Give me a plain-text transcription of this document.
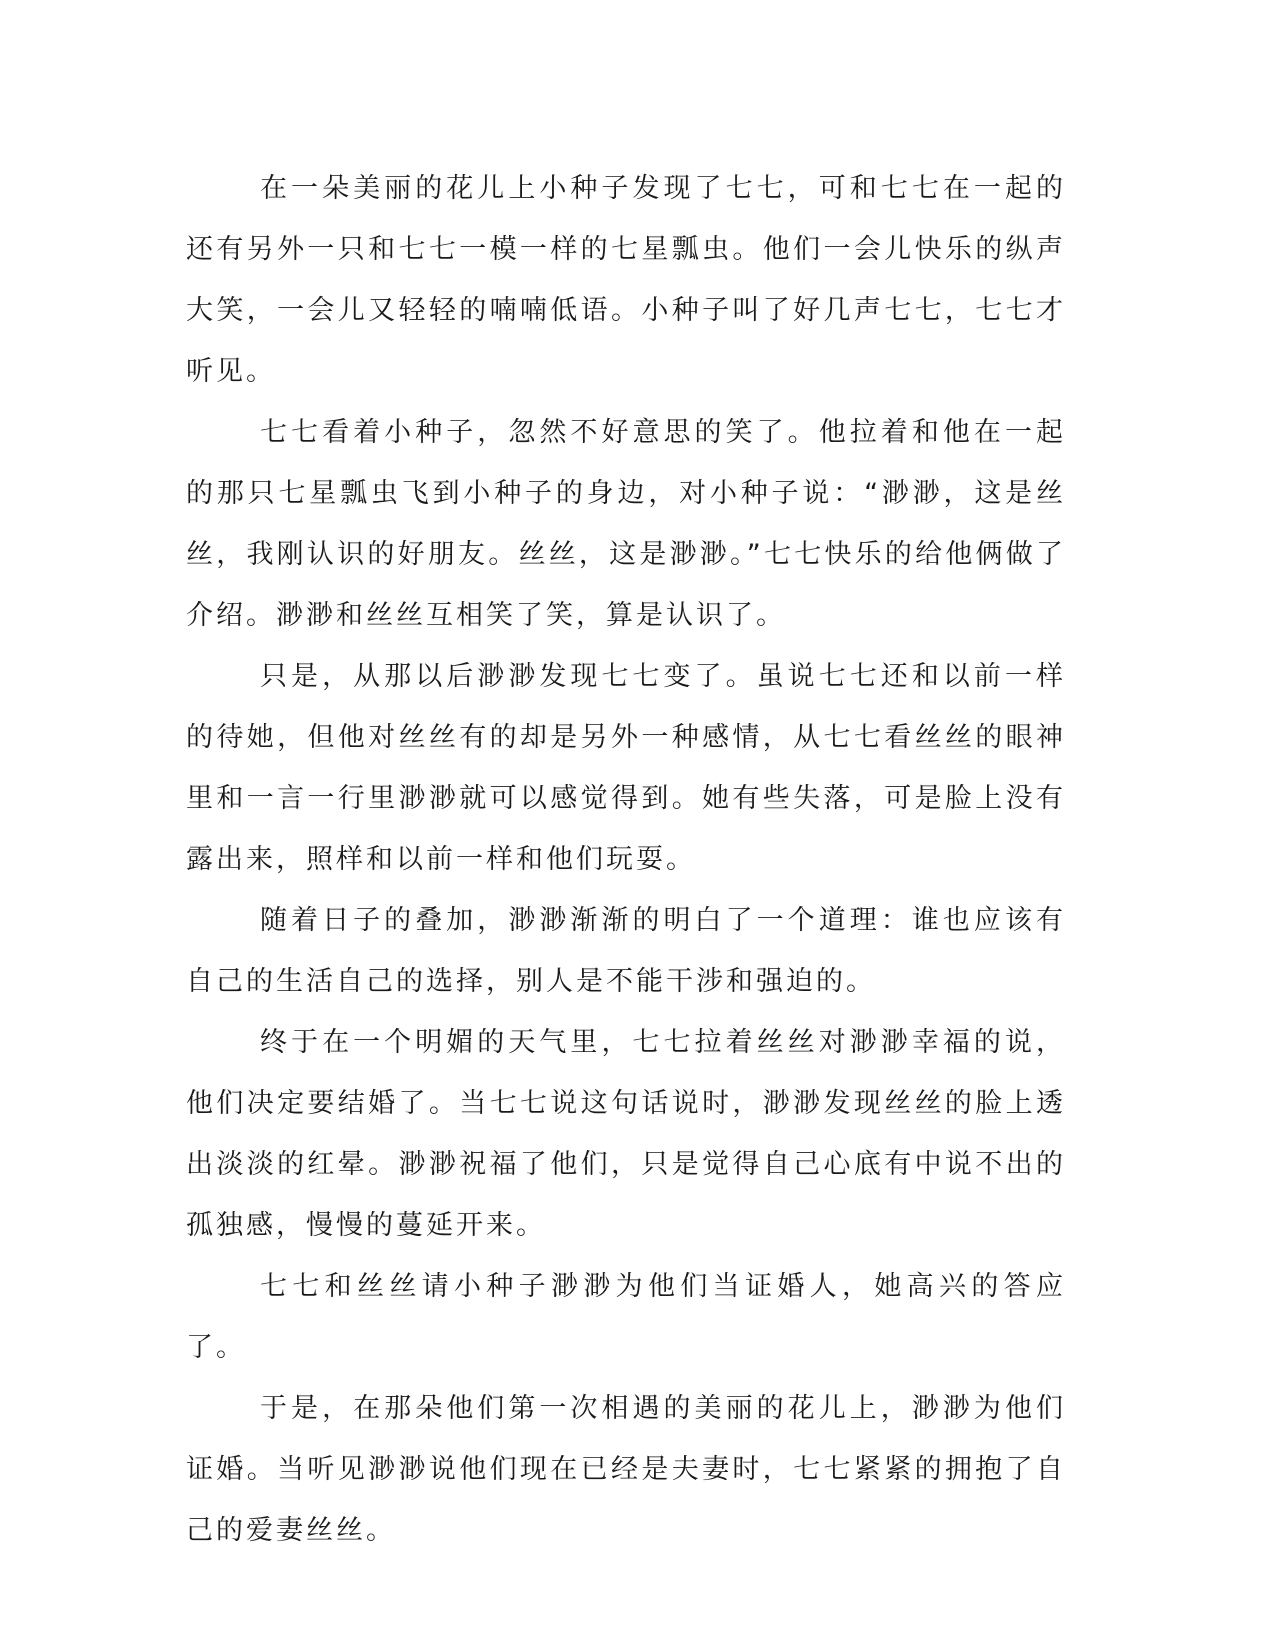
在一朵美丽的花儿上小种子发现了七七，可和七七在一起的还有另外一只和七七一模一样的七星瓢虫。他们一会儿快乐的纵声大笑，一会儿又轻轻的喃喃低语。小种子叫了好几声七七，七七才听见。

七七看着小种子，忽然不好意思的笑了。他拉着和他在一起的那只七星瓢虫飞到小种子的身边，对小种子说：“渺渺，这是丝丝，我刚认识的好朋友。丝丝，这是渺渺。”七七快乐的给他俩做了介绍。渺渺和丝丝互相笑了笑，算是认识了。

只是，从那以后渺渺发现七七变了。虽说七七还和以前一样的待她，但他对丝丝有的却是另外一种感情，从七七看丝丝的眼神里和一言一行里渺渺就可以感觉得到。她有些失落，可是脸上没有露出来，照样和以前一样和他们玩耍。

随着日子的叠加，渺渺渐渐的明白了一个道理：谁也应该有自己的生活自己的选择，别人是不能干涉和强迫的。

终于在一个明媚的天气里，七七拉着丝丝对渺渺幸福的说，他们决定要结婚了。当七七说这句话说时，渺渺发现丝丝的脸上透出淡淡的红晕。渺渺祝福了他们，只是觉得自己心底有中说不出的孤独感，慢慢的蔓延开来。

七七和丝丝请小种子渺渺为他们当证婚人，她高兴的答应了。

于是，在那朵他们第一次相遇的美丽的花儿上，渺渺为他们证婚。当听见渺渺说他们现在已经是夫妻时，七七紧紧的拥抱了自己的爱妻丝丝。
